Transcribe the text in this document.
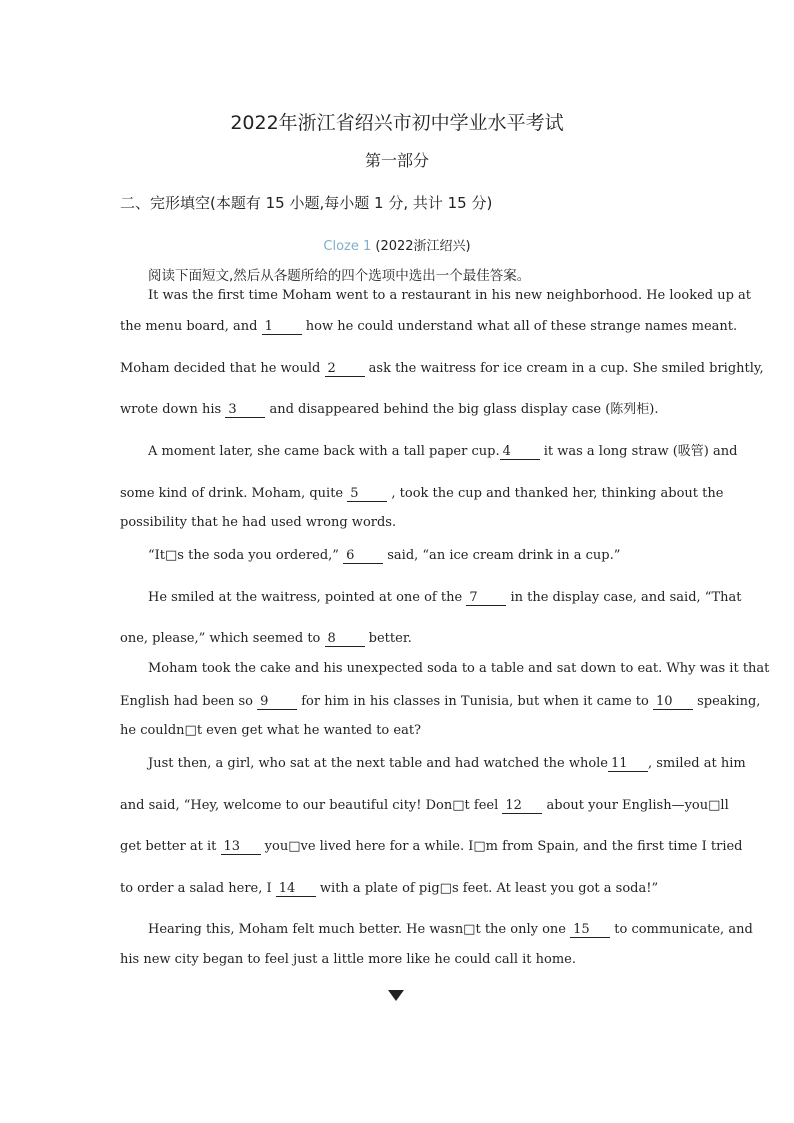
2022年浙江省绍兴市初中学业水平考试
第一部分
二、完形填空(本题有 15 小题,每小题 1 分, 共计 15 分)
Cloze 1 (2022浙江绍兴)
阅读下面短文,然后从各题所给的四个选项中选出一个最佳答案。
It was the first time Moham went to a restaurant in his new neighborhood. He looked up at
the menu board, and 1	how he could understand what all of these strange names meant.
Moham decided that he would 2	ask the waitress for ice cream in a cup. She smiled brightly,
wrote down his 3	and disappeared behind the big glass display case (陈列柜).
A moment later, she came back with a tall paper cup. 4	it was a long straw (吸管) and
some kind of drink. Moham, quite 5	, took the cup and thanked her, thinking about the
possibility that he had used wrong words.
“It□s the soda you ordered,” 6	said, “an ice cream drink in a cup.”
He smiled at the waitress, pointed at one of the 7	in the display case, and said, “That
one, please,” which seemed to 8	better.
Moham took the cake and his unexpected soda to a table and sat down to eat. Why was it that
English had been so 9	for him in his classes in Tunisia, but when it came to 10 speaking,
he couldn□t even get what he wanted to eat?
Just then, a girl, who sat at the next table and had watched the whole 11 , smiled at him
and said, “Hey, welcome to our beautiful city! Don□t feel 12 about your English—you□ll
get better at it 13 you□ve lived here for a while. I□m from Spain, and the first time I tried
to order a salad here, I 14 with a plate of pig□s feet. At least you got a soda!”
Hearing this, Moham felt much better. He wasn□t the only one 15 to communicate, and
his new city began to feel just a little more like he could call it home.
